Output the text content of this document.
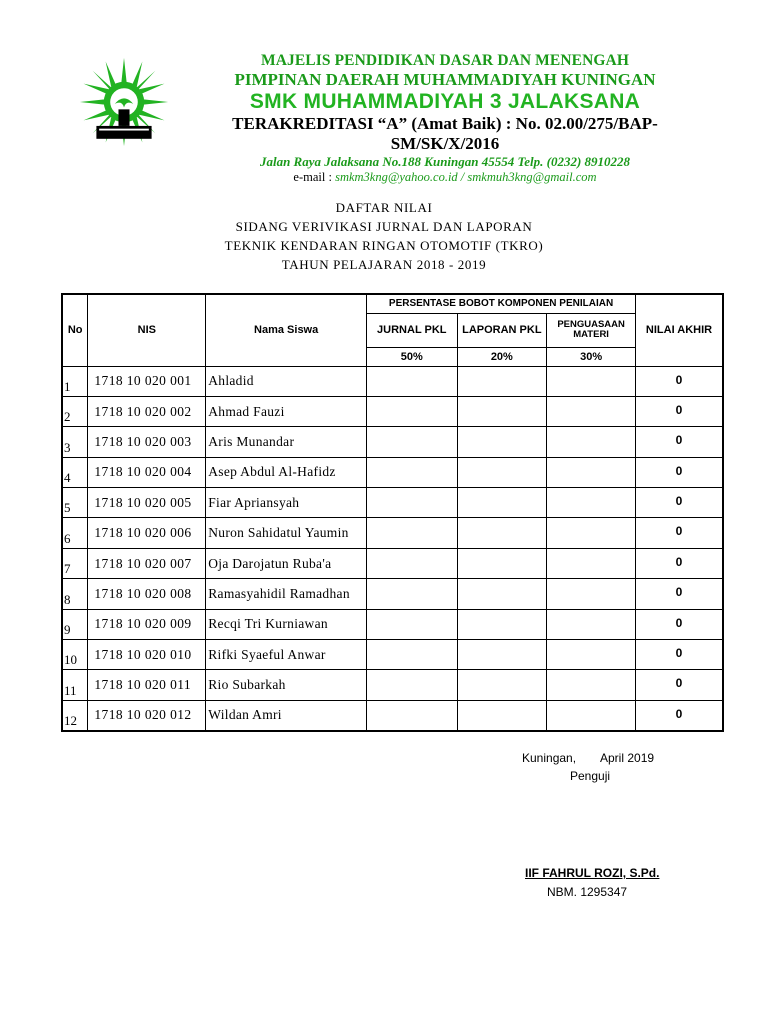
MAJELIS PENDIDIKAN DASAR DAN MENENGAH
PIMPINAN DAERAH MUHAMMADIYAH KUNINGAN
SMK MUHAMMADIYAH 3 JALAKSANA
TERAKREDITASI “A” (Amat Baik) : No. 02.00/275/BAP-SM/SK/X/2016
Jalan Raya Jalaksana No.188 Kuningan 45554 Telp. (0232) 8910228
e-mail : smkm3kng@yahoo.co.id / smkmuh3kng@gmail.com
DAFTAR NILAI
SIDANG VERIVIKASI JURNAL DAN LAPORAN
TEKNIK KENDARAN RINGAN OTOMOTIF (TKRO)
TAHUN PELAJARAN 2018 - 2019
No	NIS	Nama Siswa	PERSENTASE BOBOT KOMPONEN PENILAIAN			NILAI AKHIR
			JURNAL PKL	LAPORAN PKL	PENGUASAAN MATERI	
			50%	20%	30%	
1	1718 10 020 001	Ahladid				0
2	1718 10 020 002	Ahmad Fauzi				0
3	1718 10 020 003	Aris Munandar				0
4	1718 10 020 004	Asep Abdul Al-Hafidz				0
5	1718 10 020 005	Fiar Apriansyah				0
6	1718 10 020 006	Nuron Sahidatul Yaumin				0
7	1718 10 020 007	Oja Darojatun Ruba'a				0
8	1718 10 020 008	Ramasyahidil Ramadhan				0
9	1718 10 020 009	Recqi Tri Kurniawan				0
10	1718 10 020 010	Rifki Syaeful Anwar				0
11	1718 10 020 011	Rio Subarkah				0
12	1718 10 020 012	Wildan Amri				0
Kuningan, April 2019
Penguji
IIF FAHRUL ROZI, S.Pd.
NBM. 1295347
